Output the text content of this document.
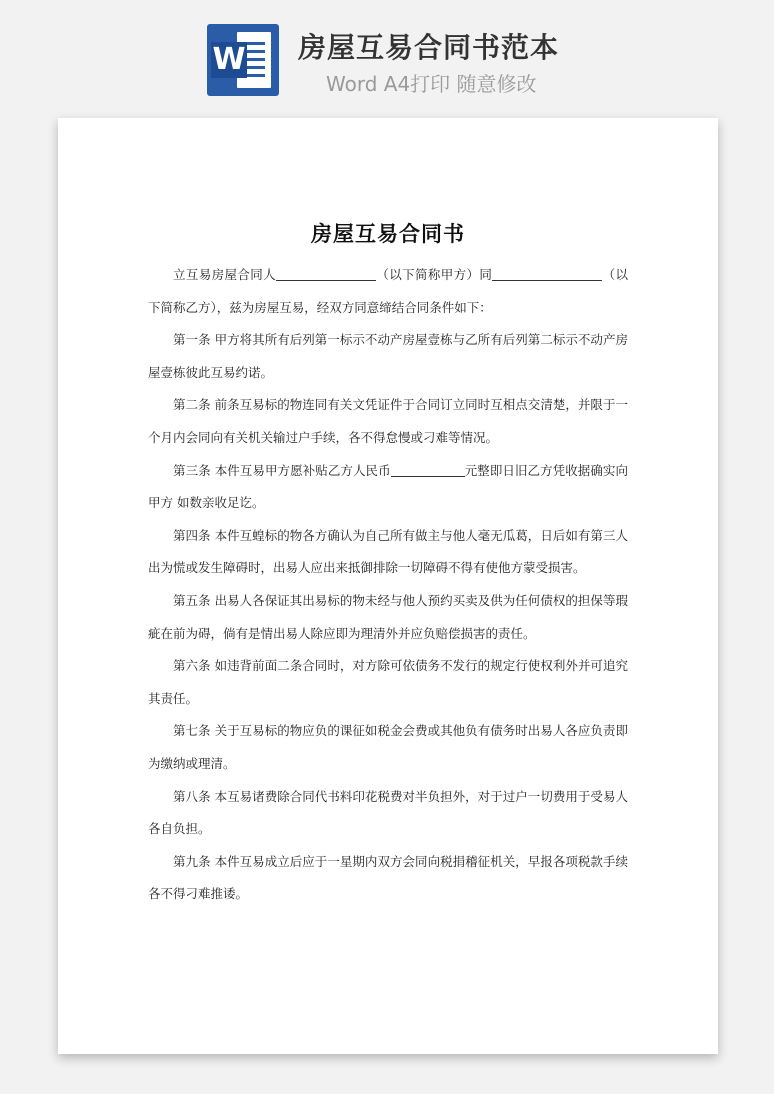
W 房屋互易合同书范本
Word A4打印 随意修改
房屋互易合同书

立互易房屋合同人	（以下简称甲方）同	（以下简称乙方），兹为房屋互易，经双方同意缔结合同条件如下：

第一条 甲方将其所有后列第一标示不动产房屋壹栋与乙所有后列第二标示不动产房屋壹栋彼此互易约诺。

第二条 前条互易标的物连同有关文凭证件于合同订立同时互相点交清楚，并限于一个月内会同向有关机关输过户手续，各不得怠慢或刁难等情况。

第三条 本件互易甲方愿补贴乙方人民币	元整即日旧乙方凭收据确实向甲方 如数亲收足讫。

第四条 本件互蝗标的物各方确认为自己所有做主与他人毫无瓜葛，日后如有第三人出为慌或发生障碍时，出易人应出来抵御排除一切障碍不得有使他方蒙受损害。

第五条 出易人各保证其出易标的物未经与他人预约买卖及供为任何债权的担保等瑕疵在前为碍，倘有是情出易人除应即为理清外并应负赔偿损害的责任。

第六条 如违背前面二条合同时，对方除可依债务不发行的规定行使权利外并可追究其责任。

第七条 关于互易标的物应负的课征如税金会费或其他负有债务时出易人各应负责即为缴纳或理清。

第八条 本互易诸费除合同代书料印花税费对半负担外，对于过户一切费用于受易人各自负担。

第九条 本件互易成立后应于一星期内双方会同向税捐稽征机关，早报各项税款手续各不得刁难推诿。
